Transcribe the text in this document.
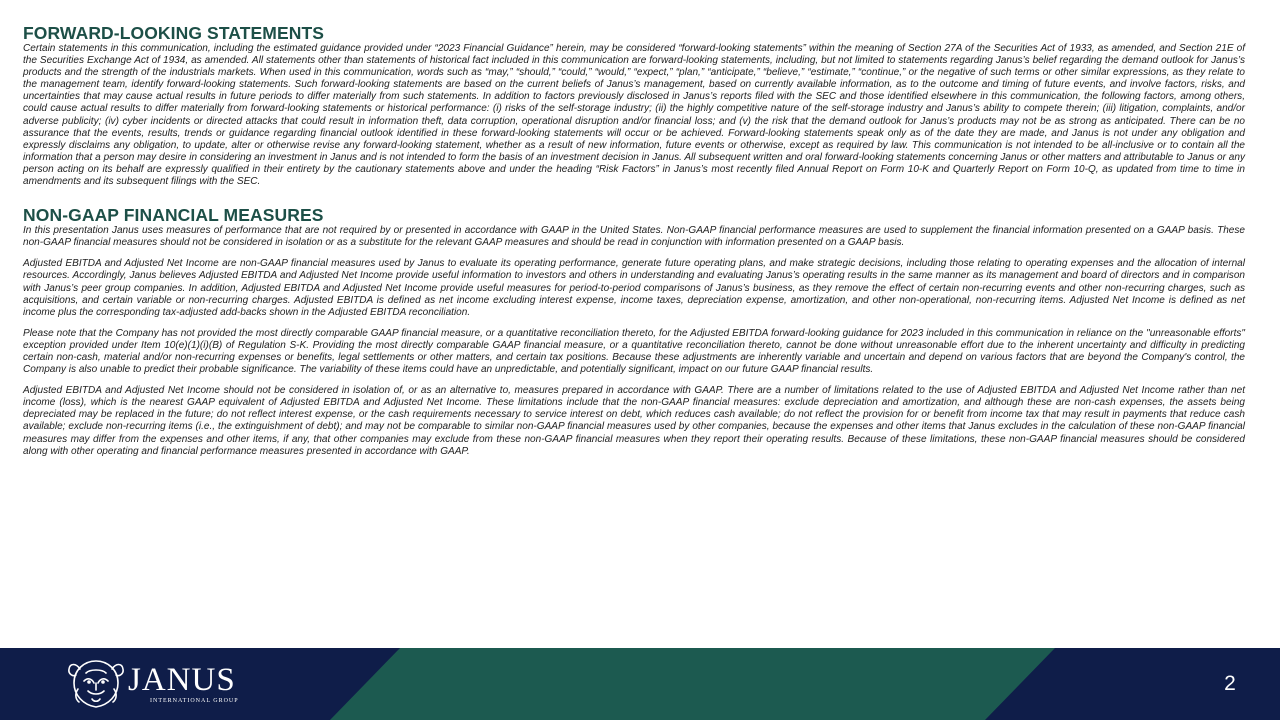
FORWARD-LOOKING STATEMENTS

Certain statements in this communication, including the estimated guidance provided under “2023 Financial Guidance” herein, may be considered “forward-looking statements” within the meaning of Section 27A of the Securities Act of 1933, as amended, and Section 21E of the Securities Exchange Act of 1934, as amended. All statements other than statements of historical fact included in this communication are forward-looking statements, including, but not limited to statements regarding Janus’s belief regarding the demand outlook for Janus’s products and the strength of the industrials markets. When used in this communication, words such as “may,” “should,” “could,” “would,” “expect,” “plan,” “anticipate,” “believe,” “estimate,” “continue,” or the negative of such terms or other similar expressions, as they relate to the management team, identify forward-looking statements. Such forward-looking statements are based on the current beliefs of Janus’s management, based on currently available information, as to the outcome and timing of future events, and involve factors, risks, and uncertainties that may cause actual results in future periods to differ materially from such statements. In addition to factors previously disclosed in Janus’s reports filed with the SEC and those identified elsewhere in this communication, the following factors, among others, could cause actual results to differ materially from forward-looking statements or historical performance: (i) risks of the self-storage industry; (ii) the highly competitive nature of the self-storage industry and Janus’s ability to compete therein; (iii) litigation, complaints, and/or adverse publicity; (iv) cyber incidents or directed attacks that could result in information theft, data corruption, operational disruption and/or financial loss; and (v) the risk that the demand outlook for Janus’s products may not be as strong as anticipated. There can be no assurance that the events, results, trends or guidance regarding financial outlook identified in these forward-looking statements will occur or be achieved. Forward-looking statements speak only as of the date they are made, and Janus is not under any obligation and expressly disclaims any obligation, to update, alter or otherwise revise any forward-looking statement, whether as a result of new information, future events or otherwise, except as required by law. This communication is not intended to be all-inclusive or to contain all the information that a person may desire in considering an investment in Janus and is not intended to form the basis of an investment decision in Janus. All subsequent written and oral forward-looking statements concerning Janus or other matters and attributable to Janus or any person acting on its behalf are expressly qualified in their entirety by the cautionary statements above and under the heading “Risk Factors” in Janus’s most recently filed Annual Report on Form 10-K and Quarterly Report on Form 10-Q, as updated from time to time in amendments and its subsequent filings with the SEC.

NON-GAAP FINANCIAL MEASURES

In this presentation Janus uses measures of performance that are not required by or presented in accordance with GAAP in the United States. Non-GAAP financial performance measures are used to supplement the financial information presented on a GAAP basis. These non-GAAP financial measures should not be considered in isolation or as a substitute for the relevant GAAP measures and should be read in conjunction with information presented on a GAAP basis.

Adjusted EBITDA and Adjusted Net Income are non-GAAP financial measures used by Janus to evaluate its operating performance, generate future operating plans, and make strategic decisions, including those relating to operating expenses and the allocation of internal resources. Accordingly, Janus believes Adjusted EBITDA and Adjusted Net Income provide useful information to investors and others in understanding and evaluating Janus’s operating results in the same manner as its management and board of directors and in comparison with Janus’s peer group companies. In addition, Adjusted EBITDA and Adjusted Net Income provide useful measures for period-to-period comparisons of Janus’s business, as they remove the effect of certain non-recurring events and other non-recurring charges, such as acquisitions, and certain variable or non-recurring charges. Adjusted EBITDA is defined as net income excluding interest expense, income taxes, depreciation expense, amortization, and other non-operational, non-recurring items. Adjusted Net Income is defined as net income plus the corresponding tax-adjusted add-backs shown in the Adjusted EBITDA reconciliation.

Please note that the Company has not provided the most directly comparable GAAP financial measure, or a quantitative reconciliation thereto, for the Adjusted EBITDA forward-looking guidance for 2023 included in this communication in reliance on the "unreasonable efforts" exception provided under Item 10(e)(1)(i)(B) of Regulation S-K. Providing the most directly comparable GAAP financial measure, or a quantitative reconciliation thereto, cannot be done without unreasonable effort due to the inherent uncertainty and difficulty in predicting certain non-cash, material and/or non-recurring expenses or benefits, legal settlements or other matters, and certain tax positions. Because these adjustments are inherently variable and uncertain and depend on various factors that are beyond the Company's control, the Company is also unable to predict their probable significance. The variability of these items could have an unpredictable, and potentially significant, impact on our future GAAP financial results.

Adjusted EBITDA and Adjusted Net Income should not be considered in isolation of, or as an alternative to, measures prepared in accordance with GAAP. There are a number of limitations related to the use of Adjusted EBITDA and Adjusted Net Income rather than net income (loss), which is the nearest GAAP equivalent of Adjusted EBITDA and Adjusted Net Income. These limitations include that the non-GAAP financial measures: exclude depreciation and amortization, and although these are non-cash expenses, the assets being depreciated may be replaced in the future; do not reflect interest expense, or the cash requirements necessary to service interest on debt, which reduces cash available; do not reflect the provision for or benefit from income tax that may result in payments that reduce cash available; exclude non-recurring items (i.e., the extinguishment of debt); and may not be comparable to similar non-GAAP financial measures used by other companies, because the expenses and other items that Janus excludes in the calculation of these non-GAAP financial measures may differ from the expenses and other items, if any, that other companies may exclude from these non-GAAP financial measures when they report their operating results. Because of these limitations, these non-GAAP financial measures should be considered along with other operating and financial performance measures presented in accordance with GAAP.

JANUS
INTERNATIONAL GROUP
2
